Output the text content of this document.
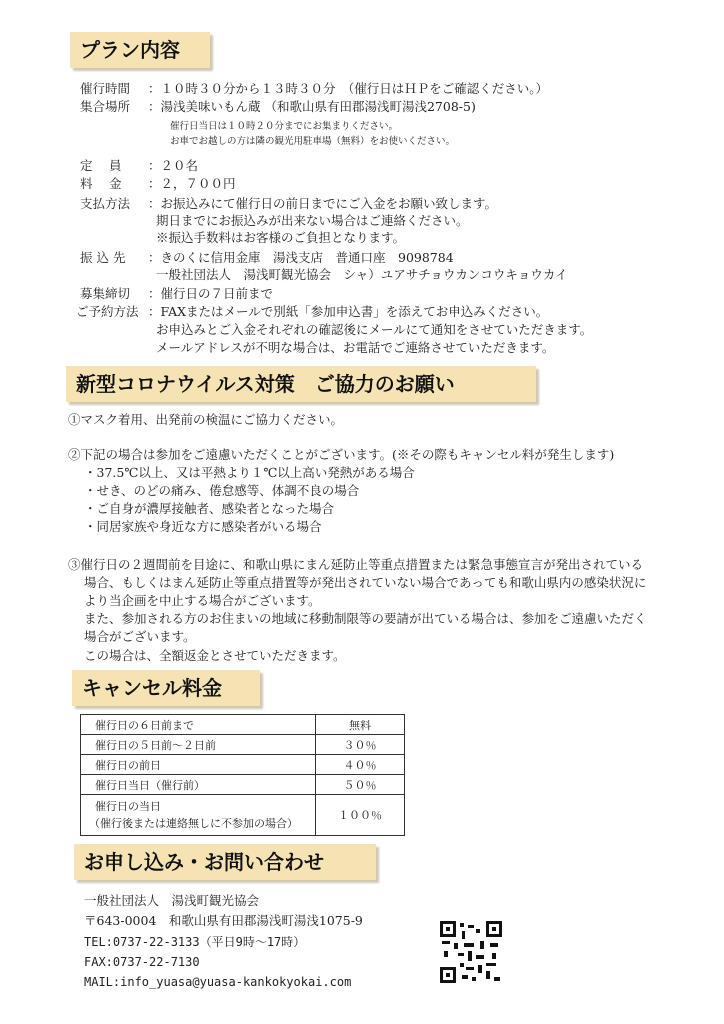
プラン内容
催行時間 ：１０時３０分から１３時３０分　（催行日はＨＰをご確認ください。）
集合場所 ：湯浅美味いもん蔵 （和歌山県有田郡湯浅町湯浅2708-5)
催行日当日は１０時２０分までにお集まりください。
お車でお越しの方は隣の観光用駐車場（無料）をお使いください。
定　 員 ：２０名
料　 金 ：２，７００円
支払方法 ：お振込みにて催行日の前日までにご入金をお願い致します。
期日までにお振込みが出来ない場合はご連絡ください。
※振込手数料はお客様のご負担となります。
振 込 先 ：きのくに信用金庫　湯浅支店　普通口座　9098784
一般社団法人　湯浅町観光協会　シャ）ユアサチョウカンコウキョウカイ
募集締切 ：催行日の７日前まで
ご予約方法 ：FAXまたはメールで別紙「参加申込書」を添えてお申込みください。
お申込みとご入金それぞれの確認後にメールにて通知をさせていただきます。
メールアドレスが不明な場合は、お電話でご連絡させていただきます。
新型コロナウイルス対策　ご協力のお願い
①マスク着用、出発前の検温にご協力ください。
②下記の場合は参加をご遠慮いただくことがございます。(※その際もキャンセル料が発生します)
・37.5℃以上、又は平熱より１℃以上高い発熱がある場合
・せき、のどの痛み、倦怠感等、体調不良の場合
・ご自身が濃厚接触者、感染者となった場合
・同居家族や身近な方に感染者がいる場合
③催行日の２週間前を目途に、和歌山県にまん延防止等重点措置または緊急事態宣言が発出されている
場合、もしくはまん延防止等重点措置等が発出されていない場合であっても和歌山県内の感染状況に
より当企画を中止する場合がございます。
また、参加される方のお住まいの地域に移動制限等の要請が出ている場合は、参加をご遠慮いただく
場合がございます。
この場合は、全額返金とさせていただきます。
キャンセル料金
催行日の６日前まで	無料
催行日の５日前～２日前	３０％
催行日の前日	４０％
催行日当日（催行前）	５０％

催行日の当日
（催行後または連絡無しに不参加の場合）	１００％
お申し込み・お問い合わせ
一般社団法人　湯浅町観光協会
〒643-0004　和歌山県有田郡湯浅町湯浅1075-9
TEL:0737-22-3133（平日9時～17時）
FAX:0737-22-7130
MAIL:info_yuasa@yuasa-kankokyokai.com
